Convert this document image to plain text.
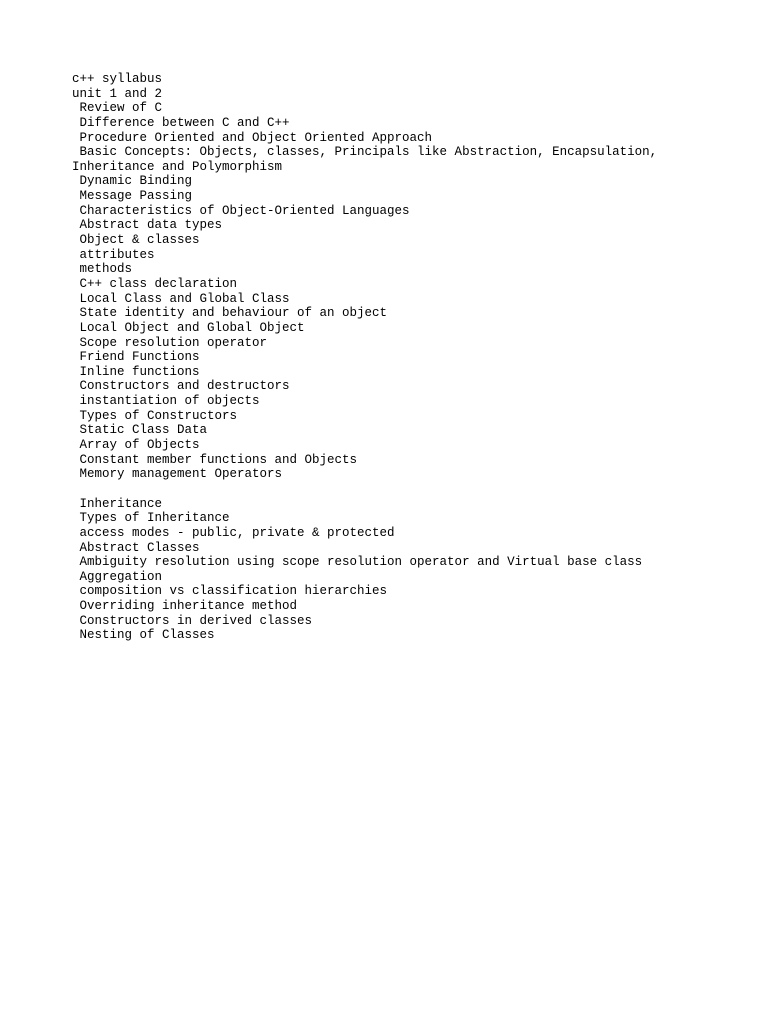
c++ syllabus
unit 1 and 2
Review of C
Difference between C and C++
Procedure Oriented and Object Oriented Approach
Basic Concepts: Objects, classes, Principals like Abstraction, Encapsulation,
Inheritance and Polymorphism
Dynamic Binding
Message Passing
Characteristics of Object-Oriented Languages
Abstract data types
Object & classes
attributes
methods
C++ class declaration
Local Class and Global Class
State identity and behaviour of an object
Local Object and Global Object
Scope resolution operator
Friend Functions
Inline functions
Constructors and destructors
instantiation of objects
Types of Constructors
Static Class Data
Array of Objects
Constant member functions and Objects
Memory management Operators
Inheritance
Types of Inheritance
access modes - public, private & protected
Abstract Classes
Ambiguity resolution using scope resolution operator and Virtual base class
Aggregation
composition vs classification hierarchies
Overriding inheritance method
Constructors in derived classes
Nesting of Classes
